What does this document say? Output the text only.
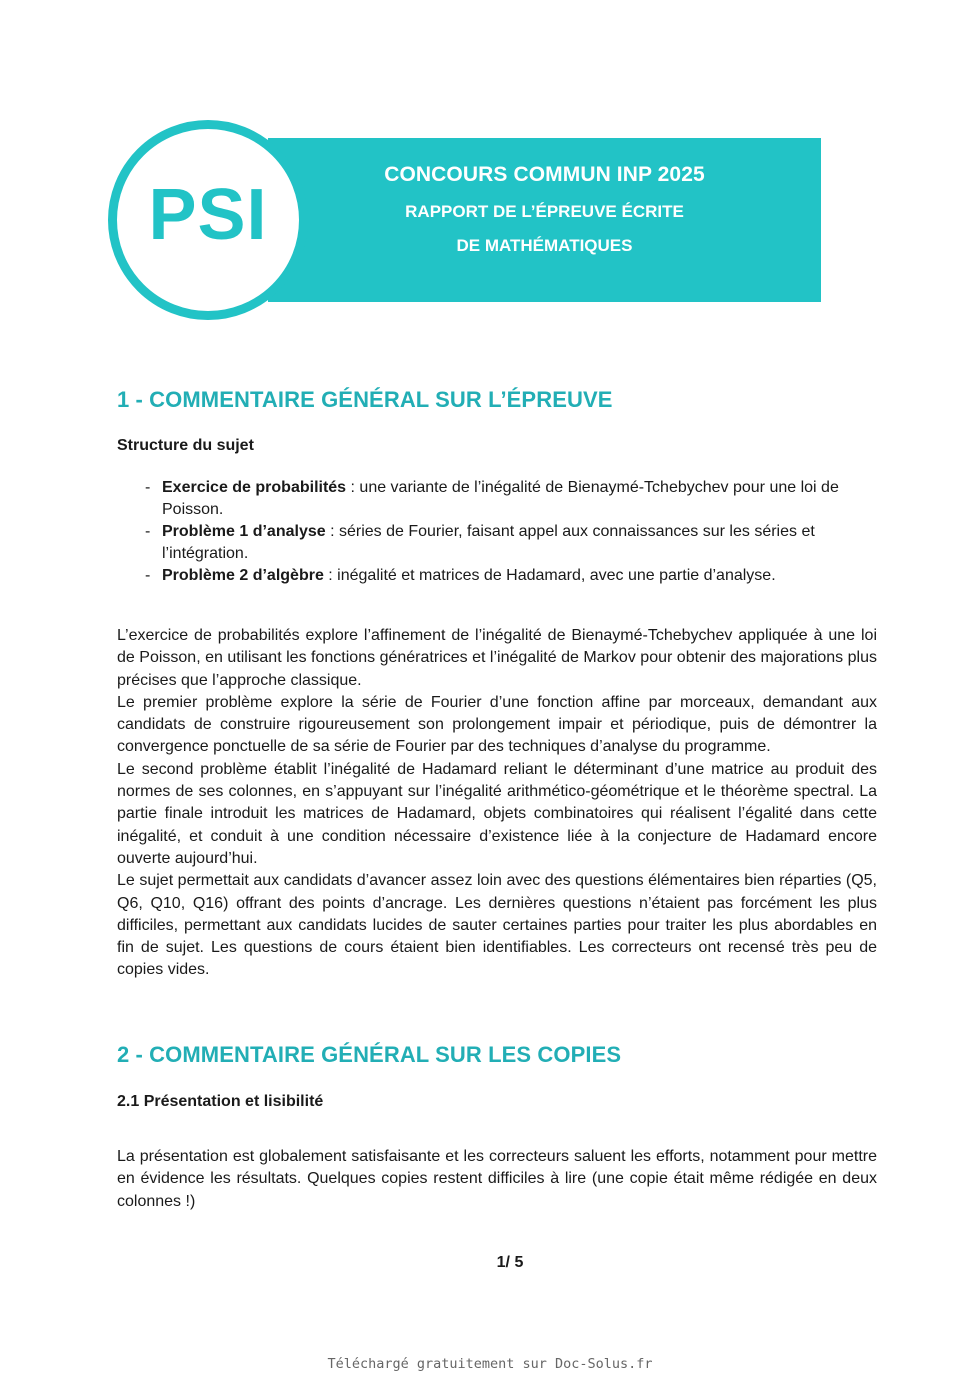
CONCOURS COMMUN INP 2025
RAPPORT DE L’ÉPREUVE ÉCRITE
DE MATHÉMATIQUES
PSI
1 - COMMENTAIRE GÉNÉRAL SUR L’ÉPREUVE
Structure du sujet
- Exercice de probabilités : une variante de l’inégalité de Bienaymé-Tchebychev pour une loi de Poisson.
- Problème 1 d’analyse : séries de Fourier, faisant appel aux connaissances sur les séries et l’intégration.
- Problème 2 d’algèbre : inégalité et matrices de Hadamard, avec une partie d’analyse.

L’exercice de probabilités explore l’affinement de l’inégalité de Bienaymé-Tchebychev appliquée à une loi de Poisson, en utilisant les fonctions génératrices et l’inégalité de Markov pour obtenir des majorations plus précises que l’approche classique.

Le premier problème explore la série de Fourier d’une fonction affine par morceaux, demandant aux candidats de construire rigoureusement son prolongement impair et périodique, puis de démontrer la convergence ponctuelle de sa série de Fourier par des techniques d’analyse du programme.

Le second problème établit l’inégalité de Hadamard reliant le déterminant d’une matrice au produit des normes de ses colonnes, en s’appuyant sur l’inégalité arithmético-géométrique et le théorème spectral. La partie finale introduit les matrices de Hadamard, objets combinatoires qui réalisent l’égalité dans cette inégalité, et conduit à une condition nécessaire d’existence liée à la conjecture de Hadamard encore ouverte aujourd’hui.

Le sujet permettait aux candidats d’avancer assez loin avec des questions élémentaires bien réparties (Q5, Q6, Q10, Q16) offrant des points d’ancrage. Les dernières questions n’étaient pas forcément les plus difficiles, permettant aux candidats lucides de sauter certaines parties pour traiter les plus abordables en fin de sujet. Les questions de cours étaient bien identifiables. Les correcteurs ont recensé très peu de copies vides.

2 - COMMENTAIRE GÉNÉRAL SUR LES COPIES
2.1 Présentation et lisibilité

La présentation est globalement satisfaisante et les correcteurs saluent les efforts, notamment pour mettre en évidence les résultats. Quelques copies restent difficiles à lire (une copie était même rédigée en deux colonnes !)

1/ 5
Téléchargé gratuitement sur Doc-Solus.fr
